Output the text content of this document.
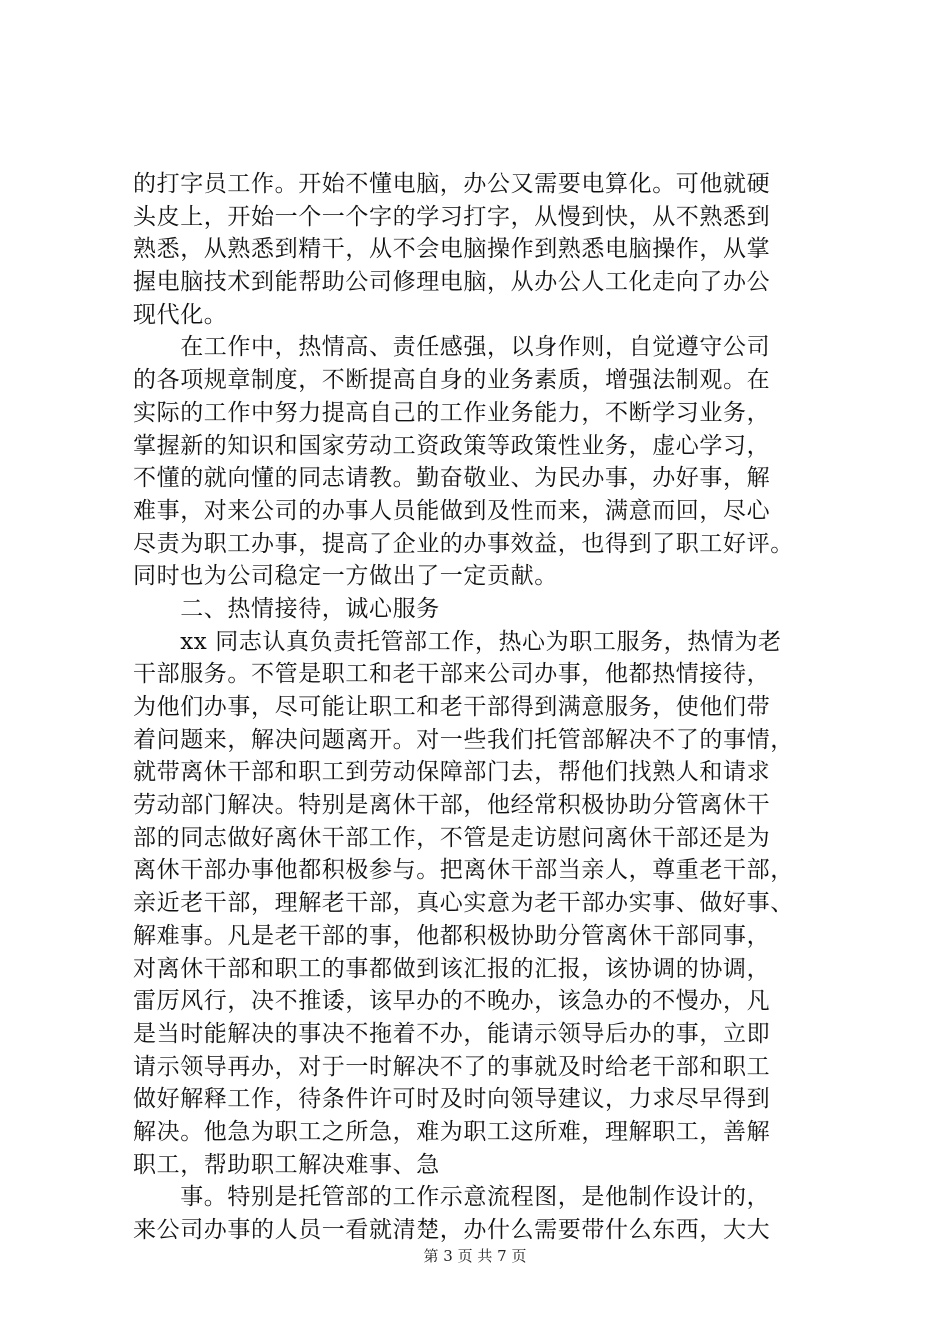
的打字员工作。开始不懂电脑，办公又需要电算化。可他就硬
头皮上，开始一个一个字的学习打字，从慢到快，从不熟悉到
熟悉，从熟悉到精干，从不会电脑操作到熟悉电脑操作，从掌
握电脑技术到能帮助公司修理电脑，从办公人工化走向了办公
现代化。
　　在工作中，热情高、责任感强，以身作则，自觉遵守公司
的各项规章制度，不断提高自身的业务素质，增强法制观。在
实际的工作中努力提高自己的工作业务能力，不断学习业务，
掌握新的知识和国家劳动工资政策等政策性业务，虚心学习，
不懂的就向懂的同志请教。勤奋敬业、为民办事，办好事，解
难事，对来公司的办事人员能做到及性而来，满意而回，尽心
尽责为职工办事，提高了企业的办事效益，也得到了职工好评。
同时也为公司稳定一方做出了一定贡献。
　　二、热情接待，诚心服务
　　xx 同志认真负责托管部工作，热心为职工服务，热情为老
干部服务。不管是职工和老干部来公司办事，他都热情接待，
为他们办事，尽可能让职工和老干部得到满意服务，使他们带
着问题来，解决问题离开。对一些我们托管部解决不了的事情，
就带离休干部和职工到劳动保障部门去，帮他们找熟人和请求
劳动部门解决。特别是离休干部，他经常积极协助分管离休干
部的同志做好离休干部工作，不管是走访慰问离休干部还是为
离休干部办事他都积极参与。把离休干部当亲人，尊重老干部，
亲近老干部，理解老干部，真心实意为老干部办实事、做好事、
解难事。凡是老干部的事，他都积极协助分管离休干部同事，
对离休干部和职工的事都做到该汇报的汇报，该协调的协调，
雷厉风行，决不推诿，该早办的不晚办，该急办的不慢办，凡
是当时能解决的事决不拖着不办，能请示领导后办的事，立即
请示领导再办，对于一时解决不了的事就及时给老干部和职工
做好解释工作，待条件许可时及时向领导建议，力求尽早得到
解决。他急为职工之所急，难为职工这所难，理解职工，善解
职工，帮助职工解决难事、急
　　事。特别是托管部的工作示意流程图，是他制作设计的，
来公司办事的人员一看就清楚，办什么需要带什么东西，大大
第 3 页 共 7 页
